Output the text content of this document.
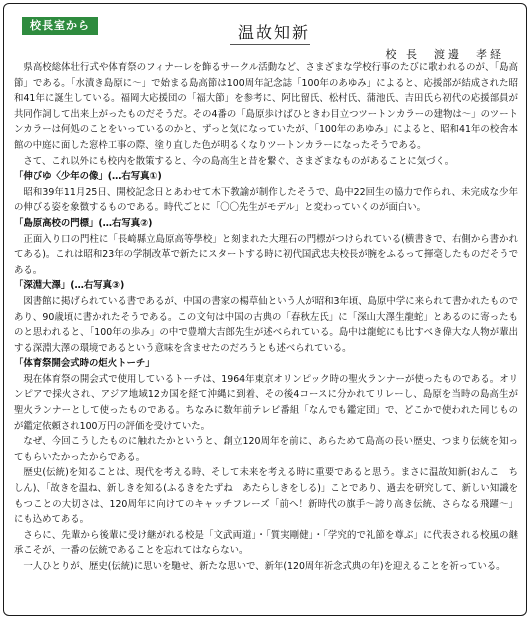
校長室から	温故知新
校 長　渡邊　孝経

県高校総体壮行式や体育祭のフィナーレを飾るサークル活動など、さまざまな学校行事のたびに歌われるのが、「島高節」である。「水漬き島原に～」で始まる島高節は100周年記念誌「100年のあゆみ」によると、応援部が結成された昭和41年に誕生している。福岡大応援団の「福大節」を参考に、阿比留氏、松村氏、蒲池氏、吉田氏ら初代の応援部員が共同作詞して出来上がったものだそうだ。その4番の「島原歩けばひときわ目立つツートンカラーの建物は～」のツートンカラーは何処のことをいっているのかと、ずっと気になっていたが、「100年のあゆみ」によると、昭和41年の校舎本館の中庭に面した窓枠工事の際、塗り直した色が明るくなりツートンカラーになったそうである。

さて、これ以外にも校内を散策すると、今の島高生と昔を繋ぐ、さまざまなものがあることに気づく。

「伸びゆ〈少年の像」(…右写真①)

昭和39年11月25日、開校記念日とあわせて木下教諭が制作したそうで、島中22回生の協力で作られ、未完成な少年の伸びる姿を象徴するものである。時代ごとに「〇〇先生がモデル」と変わっていくのが面白い。

「島原高校の門標」(…右写真②)

正面入り口の門柱に「長崎縣立島原高等學校」と刻まれた大理石の門標がつけられている(横書きで、右側から書かれてある)。これは昭和23年の学制改革で新たにスタートする時に初代国武忠夫校長が腕をふるって揮毫したものだそうである。

「深淵大澤」(…右写真③)

図書館に掲げられている書であるが、中国の書家の楊草仙という人が昭和3年頃、島原中学に来られて書かれたものであり、90歳頃に書かれたそうである。この文句は中国の古典の「春秋左氏」に「深山大澤生龍蛇」とあるのに寄ったものと思われると、「100年の歩み」の中で豊増大吉郎先生が述べられている。島中は龍蛇にも比すべき偉大な人物が輩出する深淵大澤の環境であるという意味を含ませたのだろうとも述べられている。

「体育祭開会式時の炬火トーチ」

現在体育祭の開会式で使用しているトーチは、1964年東京オリンピック時の聖火ランナーが使ったものである。オリンピアで採火され、アジア地域12カ国を経て沖縄に到着、その後4コースに分かれてリレーし、島原を当時の島高生が聖火ランナーとして使ったものである。ちなみに数年前テレビ番組「なんでも鑑定団」で、どこかで使われた同じものが鑑定依頼され100万円の評価を受けていた。

なぜ、今回こうしたものに触れたかというと、創立120周年を前に、あらためて島高の長い歴史、つまり伝統を知ってもらいたかったからである。

歴史(伝統)を知ることは、現代を考える時、そして未来を考える時に重要であると思う。まさに温故知新(おんこ　ちしん)、「故きを温ね、新しきを知る(ふるきをたずね　あたらしきをしる)」ことであり、過去を研究して、新しい知識をもつことの大切さは、120周年に向けてのキャッチフレーズ「前へ！新時代の旗手～誇り高き伝統、さらなる飛躍～」にも込めてある。

さらに、先輩から後輩に受け継がれる校是「文武両道」・「質実剛健」・「学究的で礼節を尊ぶ」に代表される校風の継承こそが、一番の伝統であることを忘れてはならない。

一人ひとりが、歴史(伝統)に思いを馳せ、新たな思いで、新年(120周年祈念式典の年)を迎えることを祈っている。
